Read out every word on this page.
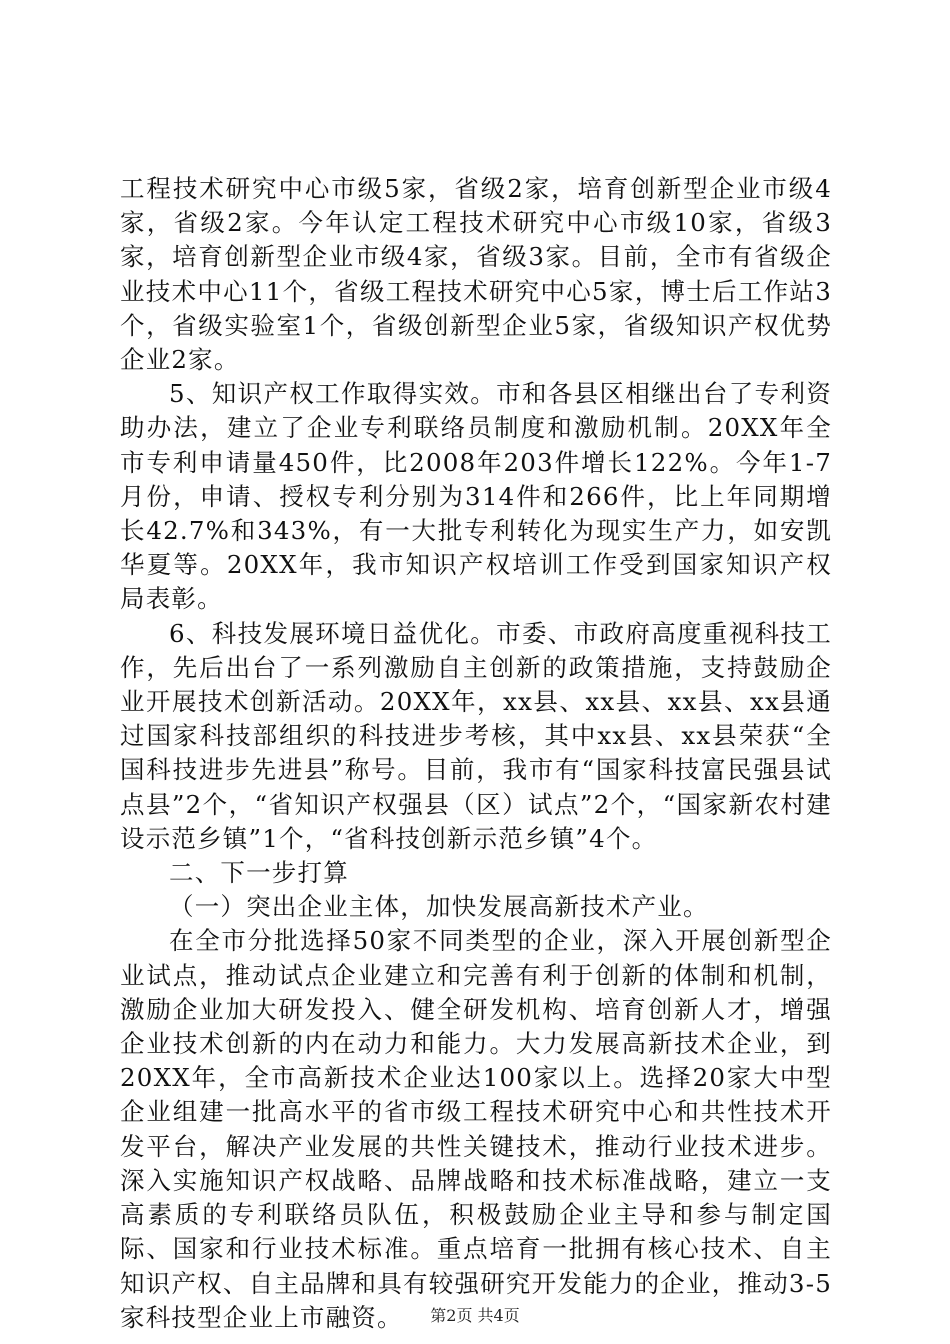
工程技术研究中心市级5家，省级2家，培育创新型企业市级4家，省级2家。今年认定工程技术研究中心市级10家，省级3家，培育创新型企业市级4家，省级3家。目前，全市有省级企业技术中心11个，省级工程技术研究中心5家，博士后工作站3个，省级实验室1个，省级创新型企业5家，省级知识产权优势企业2家。

5、知识产权工作取得实效。市和各县区相继出台了专利资助办法，建立了企业专利联络员制度和激励机制。20XX年全市专利申请量450件，比2008年203件增长122%。今年1-7月份，申请、授权专利分别为314件和266件，比上年同期增长42.7%和343%，有一大批专利转化为现实生产力，如安凯华夏等。20XX年，我市知识产权培训工作受到国家知识产权局表彰。

6、科技发展环境日益优化。市委、市政府高度重视科技工作，先后出台了一系列激励自主创新的政策措施，支持鼓励企业开展技术创新活动。20XX年，xx县、xx县、xx县、xx县通过国家科技部组织的科技进步考核，其中xx县、xx县荣获“全国科技进步先进县”称号。目前，我市有“国家科技富民强县试点县”2个，“省知识产权强县（区）试点”2个，“国家新农村建设示范乡镇”1个，“省科技创新示范乡镇”4个。

二、下一步打算

（一）突出企业主体，加快发展高新技术产业。

在全市分批选择50家不同类型的企业，深入开展创新型企业试点，推动试点企业建立和完善有利于创新的体制和机制，激励企业加大研发投入、健全研发机构、培育创新人才，增强企业技术创新的内在动力和能力。大力发展高新技术企业，到20XX年，全市高新技术企业达100家以上。选择20家大中型企业组建一批高水平的省市级工程技术研究中心和共性技术开发平台，解决产业发展的共性关键技术，推动行业技术进步。深入实施知识产权战略、品牌战略和技术标准战略，建立一支高素质的专利联络员队伍，积极鼓励企业主导和参与制定国际、国家和行业技术标准。重点培育一批拥有核心技术、自主知识产权、自主品牌和具有较强研究开发能力的企业，推动3-5家科技型企业上市融资。	第2页 共4页
